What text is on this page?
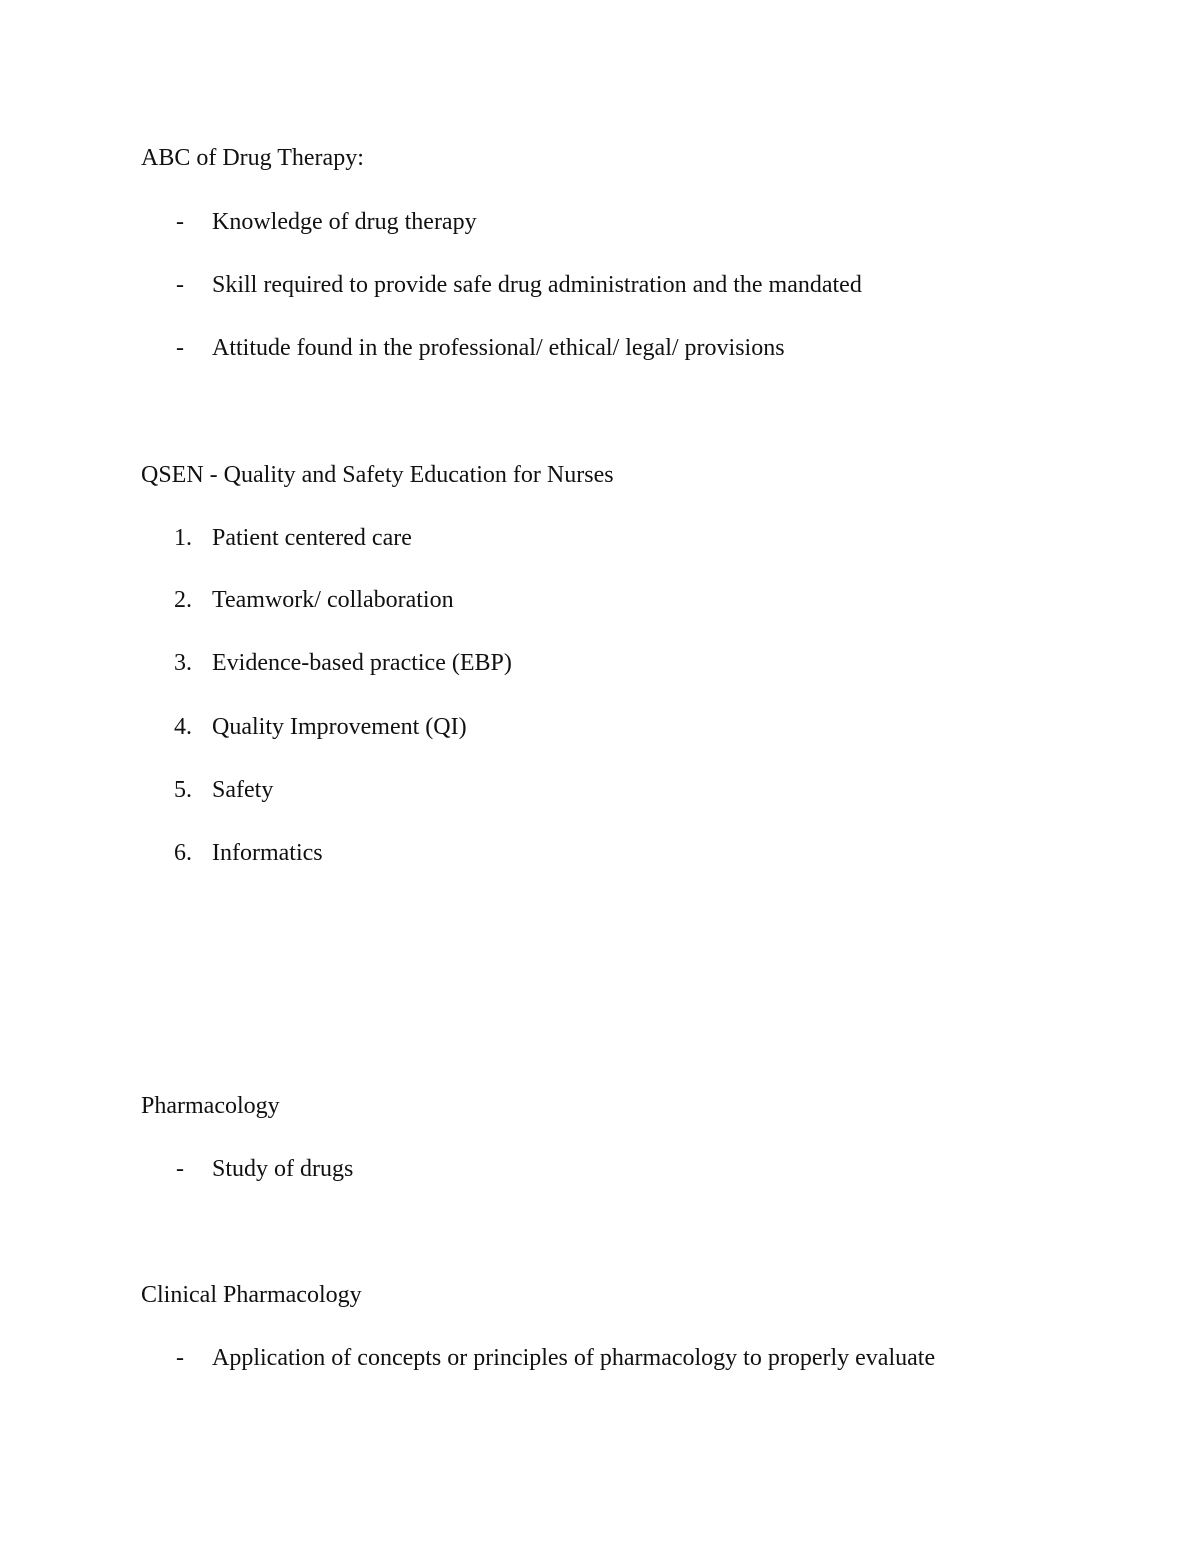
ABC of Drug Therapy:
- Knowledge of drug therapy
- Skill required to provide safe drug administration and the mandated
- Attitude found in the professional/ ethical/ legal/ provisions
QSEN - Quality and Safety Education for Nurses
1. Patient centered care
2. Teamwork/ collaboration
3. Evidence-based practice (EBP)
4. Quality Improvement (QI)
5. Safety
6. Informatics
Pharmacology
- Study of drugs
Clinical Pharmacology
- Application of concepts or principles of pharmacology to properly evaluate
